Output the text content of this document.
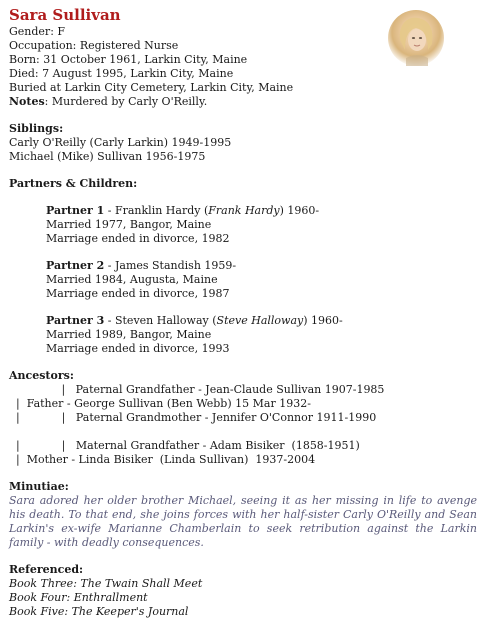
Sara Sullivan
Gender: F
Occupation: Registered Nurse
Born: 31 October 1961, Larkin City, Maine
Died: 7 August 1995, Larkin City, Maine
Buried at Larkin City Cemetery, Larkin City, Maine
Notes: Murdered by Carly O'Reilly.
Siblings:
Carly O'Reilly (Carly Larkin) 1949-1995
Michael (Mike) Sullivan 1956-1975
Partners & Children:
Partner 1 - Franklin Hardy (Frank Hardy) 1960-
Married 1977, Bangor, Maine
Marriage ended in divorce, 1982
Partner 2 - James Standish 1959-
Married 1984, Augusta, Maine
Marriage ended in divorce, 1987
Partner 3 - Steven Halloway (Steve Halloway) 1960-
Married 1989, Bangor, Maine
Marriage ended in divorce, 1993
Ancestors:
|   Paternal Grandfather - Jean-Claude Sullivan 1907-1985
|  Father - George Sullivan (Ben Webb) 15 Mar 1932-
|            |   Paternal Grandmother - Jennifer O'Connor 1911-1990
|            |   Maternal Grandfather - Adam Bisiker  (1858-1951)
|  Mother - Linda Bisiker  (Linda Sullivan)  1937-2004
Minutiae:
Sara adored her older brother Michael, seeing it as her missing in life to avenge his death. To that end, she joins forces with her half-sister Carly O'Reilly and Sean Larkin's ex-wife Marianne Chamberlain to seek retribution against the Larkin family - with deadly consequences.
Referenced:
Book Three: The Twain Shall Meet
Book Four: Enthrallment
Book Five: The Keeper's Journal
